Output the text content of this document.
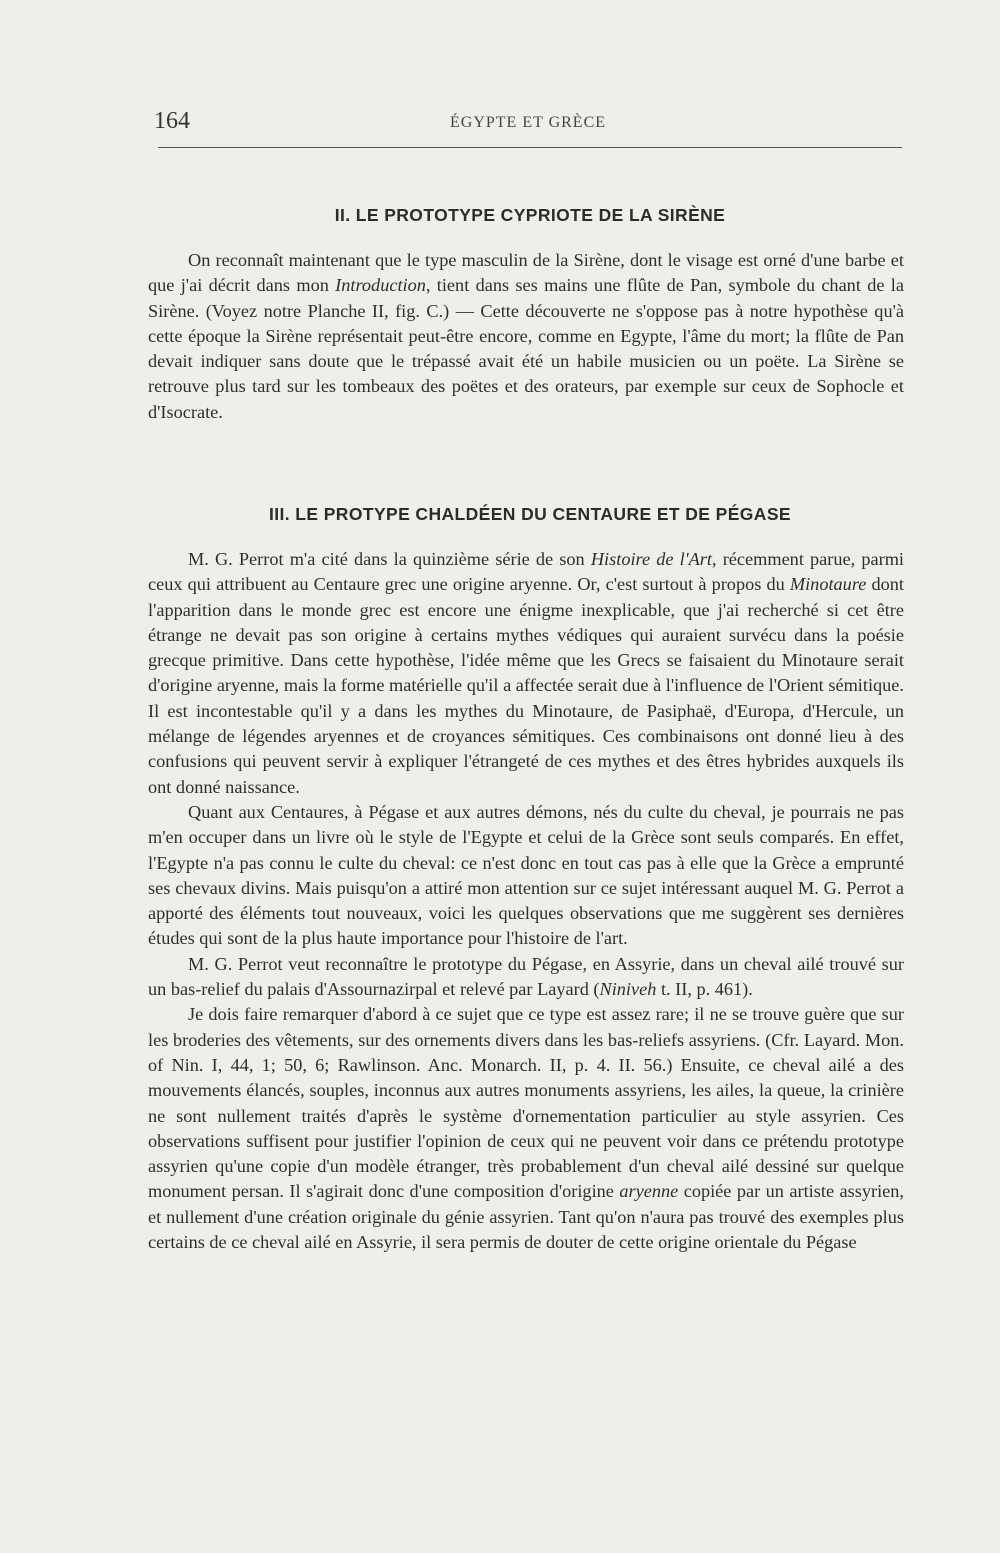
164	ÉGYPTE ET GRÈCE
II. LE PROTOTYPE CYPRIOTE DE LA SIRÈNE

On reconnaît maintenant que le type masculin de la Sirène, dont le visage est orné d'une barbe et que j'ai décrit dans mon Introduction, tient dans ses mains une flûte de Pan, symbole du chant de la Sirène. (Voyez notre Planche II, fig. C.) — Cette découverte ne s'oppose pas à notre hypothèse qu'à cette époque la Sirène représentait peut-être encore, comme en Egypte, l'âme du mort; la flûte de Pan devait indiquer sans doute que le trépassé avait été un habile musicien ou un poëte. La Sirène se retrouve plus tard sur les tombeaux des poëtes et des orateurs, par exemple sur ceux de Sophocle et d'Isocrate.

III. LE PROTYPE CHALDÉEN DU CENTAURE ET DE PÉGASE

M. G. Perrot m'a cité dans la quinzième série de son Histoire de l'Art, récemment parue, parmi ceux qui attribuent au Centaure grec une origine aryenne. Or, c'est surtout à propos du Minotaure dont l'apparition dans le monde grec est encore une énigme inexplicable, que j'ai recherché si cet être étrange ne devait pas son origine à certains mythes védiques qui auraient survécu dans la poésie grecque primitive. Dans cette hypothèse, l'idée même que les Grecs se faisaient du Minotaure serait d'origine aryenne, mais la forme matérielle qu'il a affectée serait due à l'influence de l'Orient sémitique. Il est incontestable qu'il y a dans les mythes du Minotaure, de Pasiphaë, d'Europa, d'Hercule, un mélange de légendes aryennes et de croyances sémitiques. Ces combinaisons ont donné lieu à des confusions qui peuvent servir à expliquer l'étrangeté de ces mythes et des êtres hybrides auxquels ils ont donné naissance.

Quant aux Centaures, à Pégase et aux autres démons, nés du culte du cheval, je pourrais ne pas m'en occuper dans un livre où le style de l'Egypte et celui de la Grèce sont seuls comparés. En effet, l'Egypte n'a pas connu le culte du cheval: ce n'est donc en tout cas pas à elle que la Grèce a emprunté ses chevaux divins. Mais puisqu'on a attiré mon attention sur ce sujet intéressant auquel M. G. Perrot a apporté des éléments tout nouveaux, voici les quelques observations que me suggèrent ses dernières études qui sont de la plus haute importance pour l'histoire de l'art.

M. G. Perrot veut reconnaître le prototype du Pégase, en Assyrie, dans un cheval ailé trouvé sur un bas-relief du palais d'Assournazirpal et relevé par Layard (Niniveh t. II, p. 461).

Je dois faire remarquer d'abord à ce sujet que ce type est assez rare; il ne se trouve guère que sur les broderies des vêtements, sur des ornements divers dans les bas-reliefs assyriens. (Cfr. Layard. Mon. of Nin. I, 44, 1; 50, 6; Rawlinson. Anc. Monarch. II, p. 4. II. 56.) Ensuite, ce cheval ailé a des mouvements élancés, souples, inconnus aux autres monuments assyriens, les ailes, la queue, la crinière ne sont nullement traités d'après le système d'ornementation particulier au style assyrien. Ces observations suffisent pour justifier l'opinion de ceux qui ne peuvent voir dans ce prétendu prototype assyrien qu'une copie d'un modèle étranger, très probablement d'un cheval ailé dessiné sur quelque monument persan. Il s'agirait donc d'une composition d'origine aryenne copiée par un artiste assyrien, et nullement d'une création originale du génie assyrien. Tant qu'on n'aura pas trouvé des exemples plus certains de ce cheval ailé en Assyrie, il sera permis de douter de cette origine orientale du Pégase
